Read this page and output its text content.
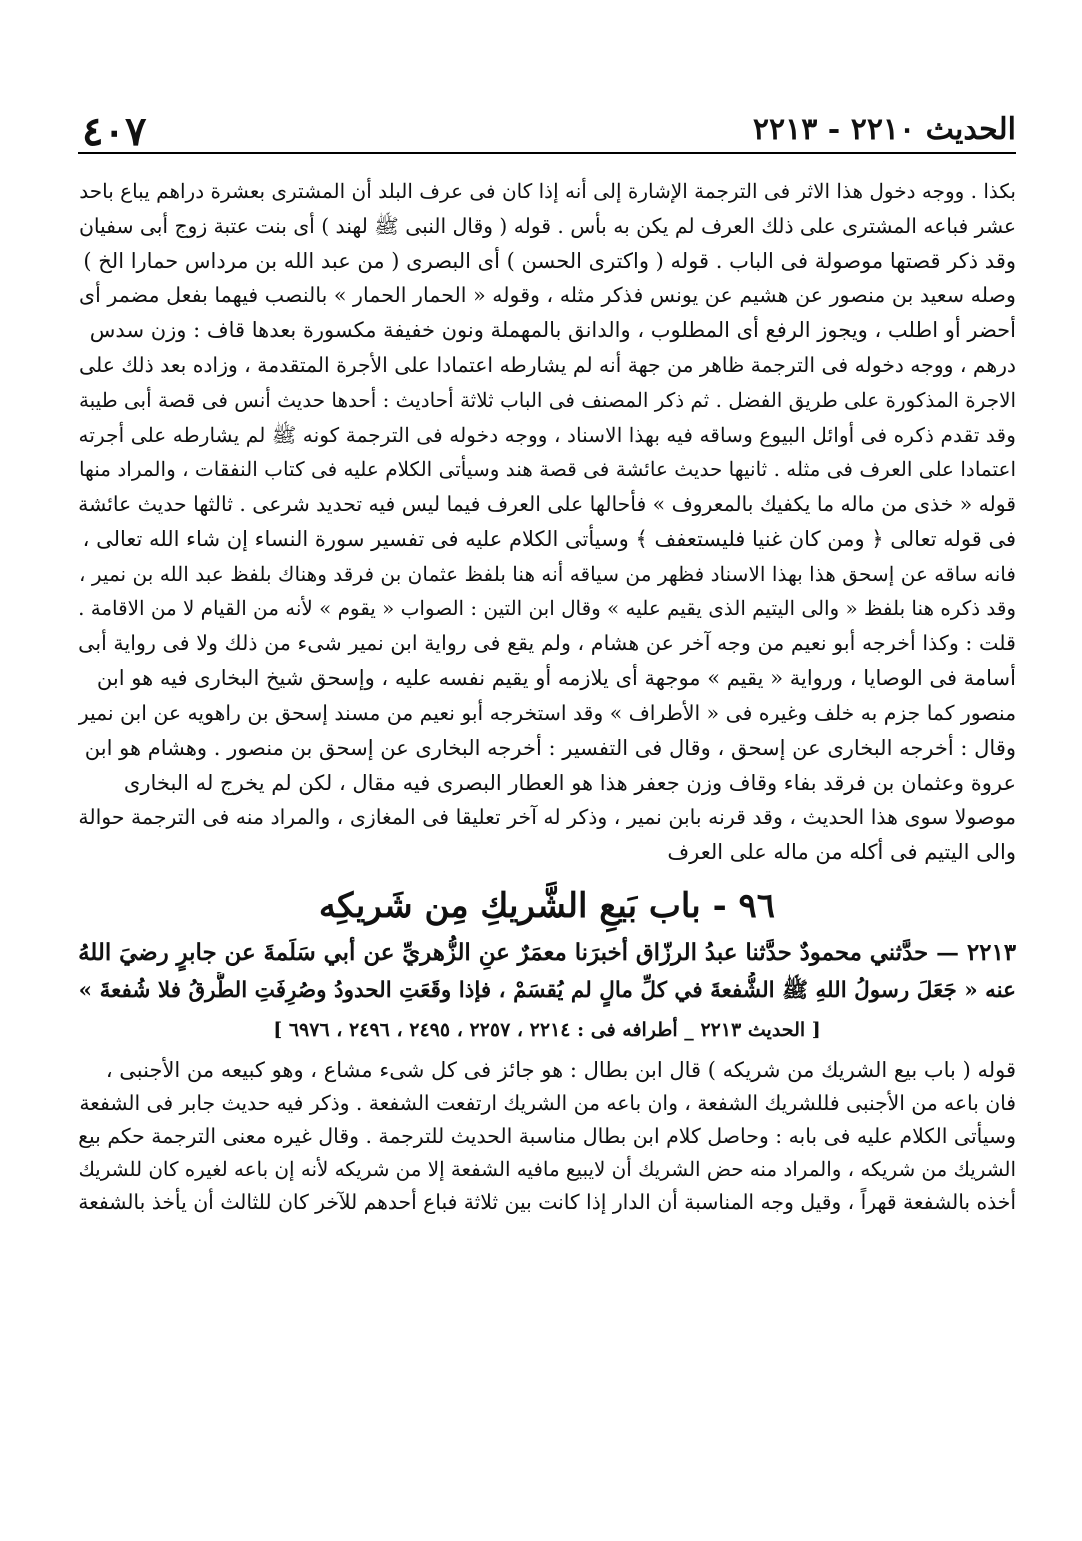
الحديث ٢٢١٠ - ٢٢١٣
٤٠٧
بكذا . ووجه دخول هذا الاثر فى الترجمة الإشارة إلى أنه إذا كان فى عرف البلد أن المشترى بعشرة دراهم يباع باحد
عشر فباعه المشترى على ذلك العرف لم يكن به بأس . قوله ( وقال النبى ﷺ لهند ) أى بنت عتبة زوج أبى سفيان
وقد ذكر قصتها موصولة فى الباب . قوله ( واكترى الحسن ) أى البصرى ( من عبد الله بن مرداس حمارا الخ )
وصله سعيد بن منصور عن هشيم عن يونس فذكر مثله ، وقوله « الحمار الحمار » بالنصب فيهما بفعل مضمر أى
أحضر أو اطلب ، ويجوز الرفع أى المطلوب ، والدانق بالمهملة ونون خفيفة مكسورة بعدها قاف : وزن سدس
درهم ، ووجه دخوله فى الترجمة ظاهر من جهة أنه لم يشارطه اعتمادا على الأجرة المتقدمة ، وزاده بعد ذلك على
الاجرة المذكورة على طريق الفضل . ثم ذكر المصنف فى الباب ثلاثة أحاديث : أحدها حديث أنس فى قصة أبى طيبة
وقد تقدم ذكره فى أوائل البيوع وساقه فيه بهذا الاسناد ، ووجه دخوله فى الترجمة كونه ﷺ لم يشارطه على أجرته
اعتمادا على العرف فى مثله . ثانيها حديث عائشة فى قصة هند وسيأتى الكلام عليه فى كتاب النفقات ، والمراد منها
قوله « خذى من ماله ما يكفيك بالمعروف » فأحالها على العرف فيما ليس فيه تحديد شرعى . ثالثها حديث عائشة
فى قوله تعالى ﴿ ومن كان غنيا فليستعفف ﴾ وسيأتى الكلام عليه فى تفسير سورة النساء إن شاء الله تعالى ،
فانه ساقه عن إسحق هذا بهذا الاسناد فظهر من سياقه أنه هنا بلفظ عثمان بن فرقد وهناك بلفظ عبد الله بن نمير ،
وقد ذكره هنا بلفظ « والى اليتيم الذى يقيم عليه » وقال ابن التين : الصواب « يقوم » لأنه من القيام لا من الاقامة .
قلت : وكذا أخرجه أبو نعيم من وجه آخر عن هشام ، ولم يقع فى رواية ابن نمير شىء من ذلك ولا فى رواية أبى
أسامة فى الوصايا ، ورواية « يقيم » موجهة أى يلازمه أو يقيم نفسه عليه ، وإسحق شيخ البخارى فيه هو ابن
منصور كما جزم به خلف وغيره فى « الأطراف » وقد استخرجه أبو نعيم من مسند إسحق بن راهويه عن ابن نمير
وقال : أخرجه البخارى عن إسحق ، وقال فى التفسير : أخرجه البخارى عن إسحق بن منصور . وهشام هو ابن
عروة وعثمان بن فرقد بفاء وقاف وزن جعفر هذا هو العطار البصرى فيه مقال ، لكن لم يخرج له البخارى
موصولا سوى هذا الحديث ، وقد قرنه بابن نمير ، وذكر له آخر تعليقا فى المغازى ، والمراد منه فى الترجمة حوالة
والى اليتيم فى أكله من ماله على العرف
٩٦ - باب بَيعِ الشَّريكِ مِن شَريكِه
٢٢١٣ — حدَّثني محمودٌ حدَّثنا عبدُ الرزّاق أخبرَنا معمَرٌ عنِ الزُّهريِّ عن أبي سَلَمةَ عن جابرٍ رضيَ اللهُ
عنه « جَعَلَ رسولُ اللهِ ﷺ الشُّفعةَ في كلِّ مالٍ لم يُقسَمْ ، فإذا وقَعَتِ الحدودُ وصُرِفَتِ الطُّرقُ فلا شُفعةَ »
[ الحديث ٢٢١٣ _ أطرافه فى : ٢٢١٤ ، ٢٢٥٧ ، ٢٤٩٥ ، ٢٤٩٦ ، ٦٩٧٦ ]
قوله ( باب بيع الشريك من شريكه ) قال ابن بطال : هو جائز فى كل شىء مشاع ، وهو كبيعه من الأجنبى ،
فان باعه من الأجنبى فللشريك الشفعة ، وان باعه من الشريك ارتفعت الشفعة . وذكر فيه حديث جابر فى الشفعة
وسيأتى الكلام عليه فى بابه : وحاصل كلام ابن بطال مناسبة الحديث للترجمة . وقال غيره معنى الترجمة حكم بيع
الشريك من شريكه ، والمراد منه حض الشريك أن لايبيع مافيه الشفعة إلا من شريكه لأنه إن باعه لغيره كان للشريك
أخذه بالشفعة قهراً ، وقيل وجه المناسبة أن الدار إذا كانت بين ثلاثة فباع أحدهم للآخر كان للثالث أن يأخذ بالشفعة
